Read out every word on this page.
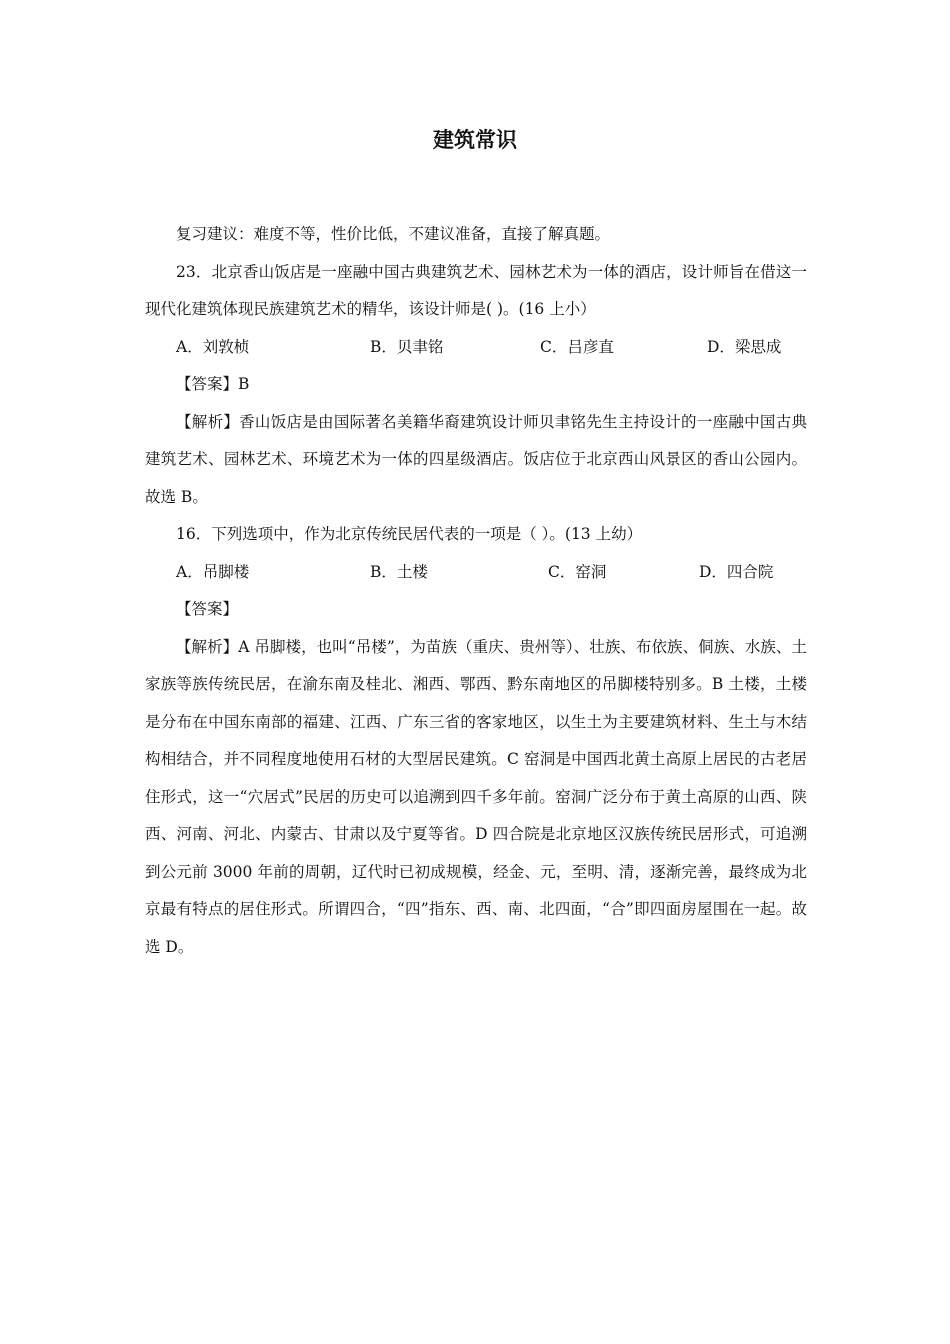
建筑常识

复习建议：难度不等，性价比低，不建议准备，直接了解真题。

23．北京香山饭店是一座融中国古典建筑艺术、园林艺术为一体的酒店，设计师旨在借这一现代化建筑体现民族建筑艺术的精华，该设计师是( )。(16 上小）

A．刘敦桢	B．贝聿铭	C．吕彦直	D．梁思成

【答案】B

【解析】香山饭店是由国际著名美籍华裔建筑设计师贝聿铭先生主持设计的一座融中国古典建筑艺术、园林艺术、环境艺术为一体的四星级酒店。饭店位于北京西山风景区的香山公园内。故选 B。

16．下列选项中，作为北京传统民居代表的一项是（ ）。(13 上幼）

A．吊脚楼	B．土楼	C．窑洞	D．四合院

【答案】

【解析】A 吊脚楼，也叫“吊楼”，为苗族（重庆、贵州等）、壮族、布依族、侗族、水族、土家族等族传统民居，在渝东南及桂北、湘西、鄂西、黔东南地区的吊脚楼特别多。B 土楼，土楼是分布在中国东南部的福建、江西、广东三省的客家地区，以生土为主要建筑材料、生土与木结构相结合，并不同程度地使用石材的大型居民建筑。C 窑洞是中国西北黄土高原上居民的古老居住形式，这一“穴居式”民居的历史可以追溯到四千多年前。窑洞广泛分布于黄土高原的山西、陕西、河南、河北、内蒙古、甘肃以及宁夏等省。D 四合院是北京地区汉族传统民居形式，可追溯到公元前 3000 年前的周朝，辽代时已初成规模，经金、元，至明、清，逐渐完善，最终成为北京最有特点的居住形式。所谓四合，“四”指东、西、南、北四面，“合”即四面房屋围在一起。故选 D。
